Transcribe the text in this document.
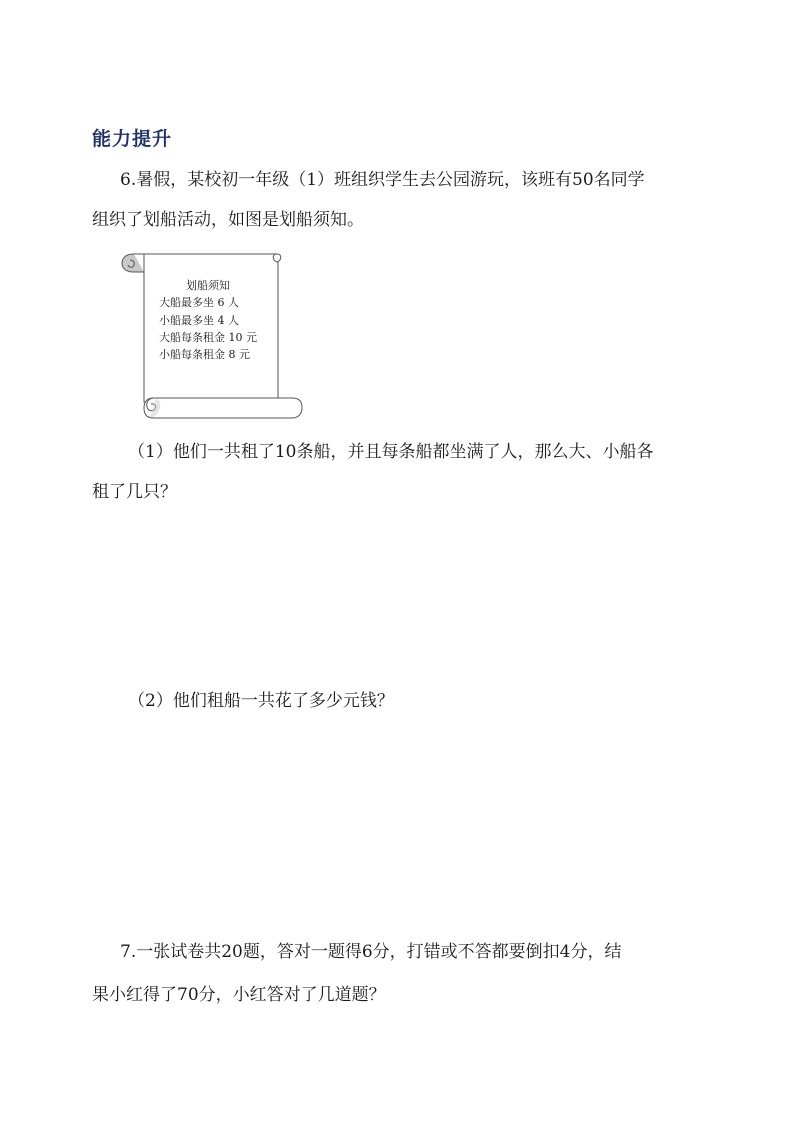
能力提升
6.暑假，某校初一年级（1）班组织学生去公园游玩，该班有50名同学
组织了划船活动，如图是划船须知。
划船须知
大船最多坐 6 人
小船最多坐 4 人
大船每条租金 10 元
小船每条租金 8 元
（1）他们一共租了10条船，并且每条船都坐满了人，那么大、小船各
租了几只？
（2）他们租船一共花了多少元钱？
7.一张试卷共20题，答对一题得6分，打错或不答都要倒扣4分，结
果小红得了70分，小红答对了几道题？
